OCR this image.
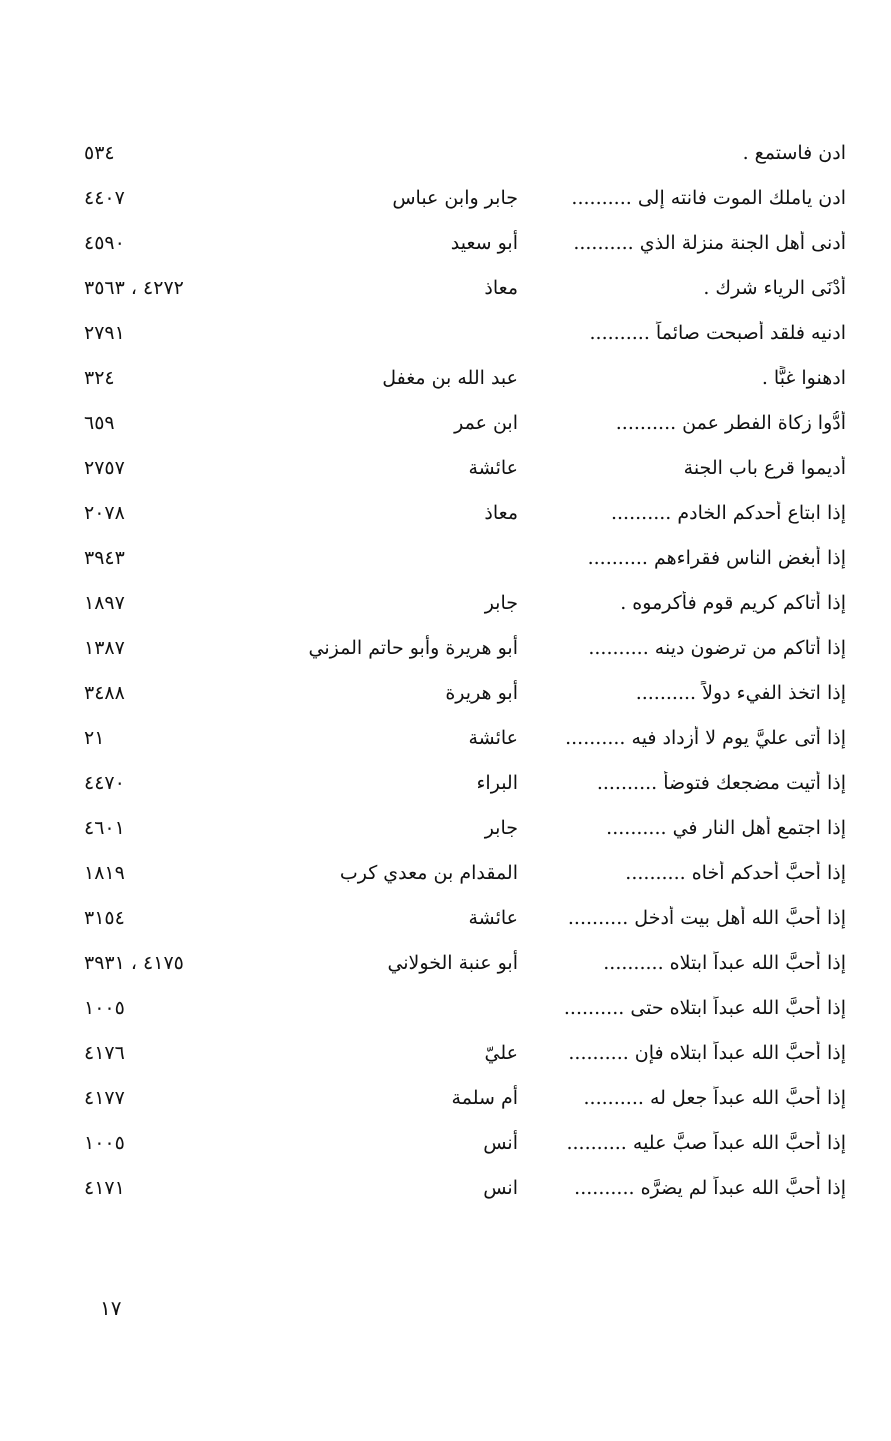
ادن فاستمع .
٥٣٤
ادن ياملك الموت فانته إلى ..........
جابر وابن عباس
٤٤٠٧
أدنى أهل الجنة منزلة الذي ..........
أبو سعيد
٤٥٩٠
أَدْنَى الرياء شرك .
معاذ
٤٢٧٢ ، ٣٥٦٣
ادنيه فلقد أصبحت صائماً ..........
٢٧٩١
ادهنوا غبًّا .
عبد الله بن مغفل
٣٢٤
أدُّوا زكاة الفطر عمن ..........
ابن عمر
٦٥٩
أديموا قرع باب الجنة
عائشة
٢٧٥٧
إذا ابتاع أحدكم الخادم ..........
معاذ
٢٠٧٨
إذا أبغض الناس فقراءهم ..........
٣٩٤٣
إذا أتاكم كريم قوم فأكرموه .
جابر
١٨٩٧
إذا أتاكم من ترضون دينه ..........
أبو هريرة وأبو حاتم المزني
١٣٨٧
إذا اتخذ الفيء دولاً ..........
أبو هريرة
٣٤٨٨
إذا أتى عليَّ يوم لا أزداد فيه ..........
عائشة
٢١
إذا أتيت مضجعك فتوضأ ..........
البراء
٤٤٧٠
إذا اجتمع أهل النار في ..........
جابر
٤٦٠١
إذا أحبَّ أحدكم أخاه ..........
المقدام بن معدي كرب
١٨١٩
إذا أحبَّ الله أهل بيت أدخل ..........
عائشة
٣١٥٤
إذا أحبَّ الله عبداً ابتلاه ..........
أبو عنبة الخولاني
٤١٧٥ ، ٣٩٣١
إذا أحبَّ الله عبداً ابتلاه حتى ..........
١٠٠٥
إذا أحبَّ الله عبداً ابتلاه فإن ..........
عليّ
٤١٧٦
إذا أحبَّ الله عبداً جعل له ..........
أم سلمة
٤١٧٧
إذا أحبَّ الله عبداً صبَّ عليه ..........
أنس
١٠٠٥
إذا أحبَّ الله عبداً لم يضرَّه ..........
انس
٤١٧١
١٧
